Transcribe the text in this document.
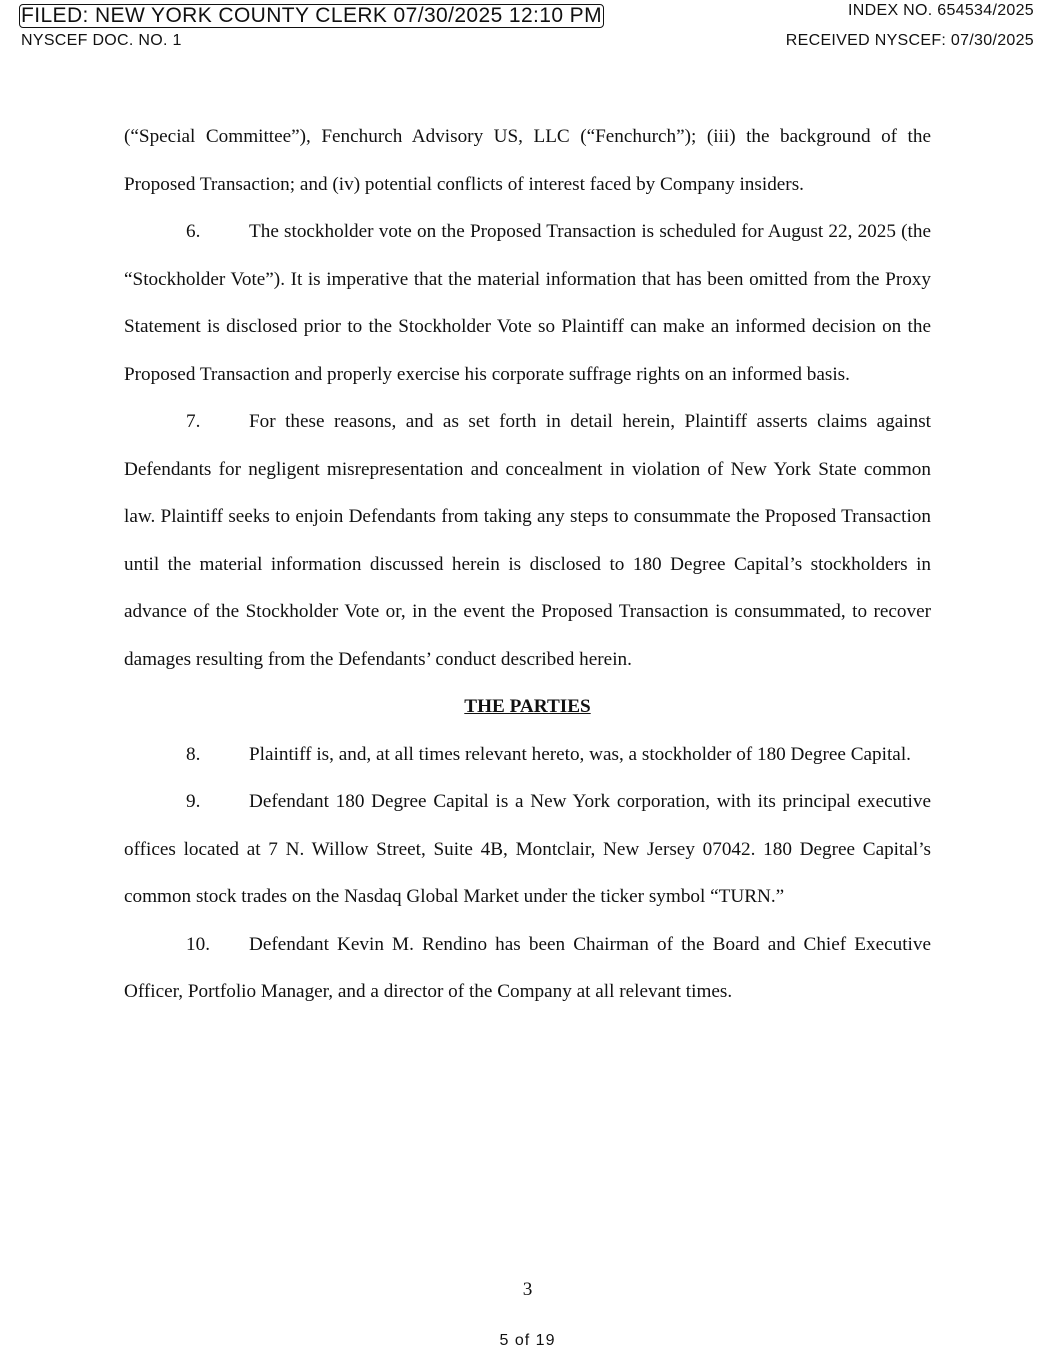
FILED: NEW YORK COUNTY CLERK 07/30/2025 12:10 PM	INDEX NO. 654534/2025
NYSCEF DOC. NO. 1	RECEIVED NYSCEF: 07/30/2025

(“Special Committee”), Fenchurch Advisory US, LLC (“Fenchurch”); (iii) the background of the Proposed Transaction; and (iv) potential conflicts of interest faced by Company insiders.

6.	The stockholder vote on the Proposed Transaction is scheduled for August 22, 2025 (the “Stockholder Vote”). It is imperative that the material information that has been omitted from the Proxy Statement is disclosed prior to the Stockholder Vote so Plaintiff can make an informed decision on the Proposed Transaction and properly exercise his corporate suffrage rights on an informed basis.

7.	For these reasons, and as set forth in detail herein, Plaintiff asserts claims against Defendants for negligent misrepresentation and concealment in violation of New York State common law. Plaintiff seeks to enjoin Defendants from taking any steps to consummate the Proposed Transaction until the material information discussed herein is disclosed to 180 Degree Capital’s stockholders in advance of the Stockholder Vote or, in the event the Proposed Transaction is consummated, to recover damages resulting from the Defendants’ conduct described herein.

THE PARTIES

8.	Plaintiff is, and, at all times relevant hereto, was, a stockholder of 180 Degree Capital.

9.	Defendant 180 Degree Capital is a New York corporation, with its principal executive offices located at 7 N. Willow Street, Suite 4B, Montclair, New Jersey 07042. 180 Degree Capital’s common stock trades on the Nasdaq Global Market under the ticker symbol “TURN.”

10. Defendant Kevin M. Rendino has been Chairman of the Board and Chief Executive Officer, Portfolio Manager, and a director of the Company at all relevant times.

3
5 of 19
